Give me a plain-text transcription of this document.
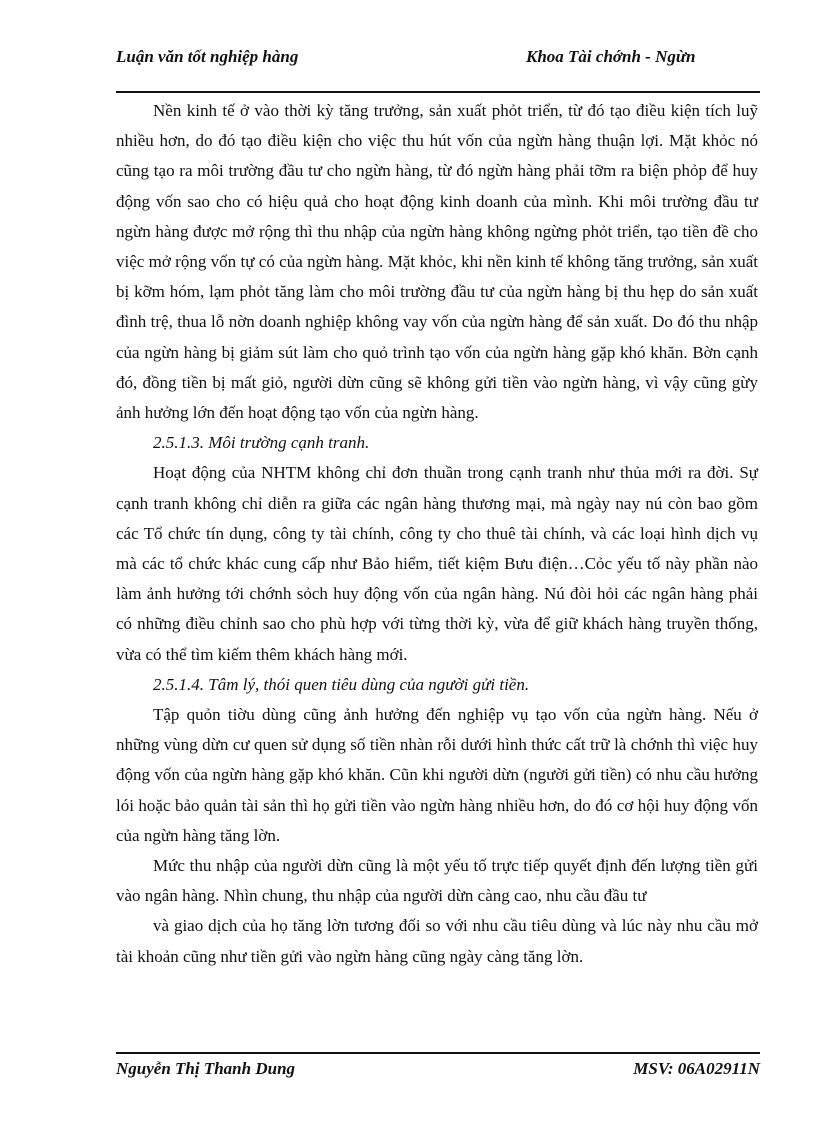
Luận văn tốt nghiệp hàng	Khoa Tài chớnh - Ngừn

Nền kinh tế ở vào thời kỳ tăng trưởng, sản xuất phỏt triển, từ đó tạo điều kiện tích luỹ nhiều hơn, do đó tạo điều kiện cho việc thu hút vốn của ngừn hàng thuận lợi. Mặt khỏc nó cũng tạo ra môi trường đầu tư cho ngừn hàng, từ đó ngừn hàng phải tỡm ra biện phỏp để huy động vốn sao cho có hiệu quả cho hoạt động kinh doanh của mình. Khi môi trường đầu tư ngừn hàng được mở rộng thì thu nhập của ngừn hàng không ngừng phỏt triển, tạo tiền đề cho việc mở rộng vốn tự có của ngừn hàng. Mặt khỏc, khi nền kinh tế không tăng trưởng, sản xuất bị kỡm hóm, lạm phỏt tăng làm cho môi trường đầu tư của ngừn hàng bị thu hẹp do sản xuất đình trệ, thua lỗ nờn doanh nghiệp không vay vốn của ngừn hàng để sản xuất. Do đó thu nhập của ngừn hàng bị giảm sút làm cho quỏ trình tạo vốn của ngừn hàng gặp khó khăn. Bờn cạnh đó, đồng tiền bị mất giỏ, người dừn cũng sẽ không gửi tiền vào ngừn hàng, vì vậy cũng gừy ảnh hưởng lớn đến hoạt động tạo vốn của ngừn hàng.

2.5.1.3. Môi trường cạnh tranh.

Hoạt động của NHTM không chỉ đơn thuần trong cạnh tranh như thủa mới ra đời. Sự cạnh tranh không chỉ diễn ra giữa các ngân hàng thương mại, mà ngày nay nú còn bao gồm các Tổ chức tín dụng, công ty tài chính, công ty cho thuê tài chính, và các loại hình dịch vụ mà các tổ chức khác cung cấp như Bảo hiểm, tiết kiệm Bưu điện…Cỏc yếu tố này phần nào làm ảnh hưởng tới chớnh sỏch huy động vốn của ngân hàng. Nú đòi hỏi các ngân hàng phải có những điều chỉnh sao cho phù hợp với từng thời kỳ, vừa để giữ khách hàng truyền thống, vừa có thể tìm kiếm thêm khách hàng mới.

2.5.1.4. Tâm lý, thói quen tiêu dùng của người gửi tiền.

Tập quỏn tiờu dùng cũng ảnh hưởng đến nghiệp vụ tạo vốn của ngừn hàng. Nếu ở những vùng dừn cư quen sử dụng số tiền nhàn rỗi dưới hình thức cất trữ là chớnh thì việc huy động vốn của ngừn hàng gặp khó khăn. Cũn khi người dừn (người gửi tiền) có nhu cầu hưởng lói hoặc bảo quản tài sản thì họ gửi tiền vào ngừn hàng nhiều hơn, do đó cơ hội huy động vốn của ngừn hàng tăng lờn.

Mức thu nhập của người dừn cũng là một yếu tố trực tiếp quyết định đến lượng tiền gửi vào ngân hàng. Nhìn chung, thu nhập của người dừn càng cao, nhu cầu đầu tư

và giao dịch của họ tăng lờn tương đối so với nhu cầu tiêu dùng và lúc này nhu cầu mở tài khoản cũng như tiền gửi vào ngừn hàng cũng ngày càng tăng lờn.

Nguyễn Thị Thanh Dung	MSV: 06A02911N
